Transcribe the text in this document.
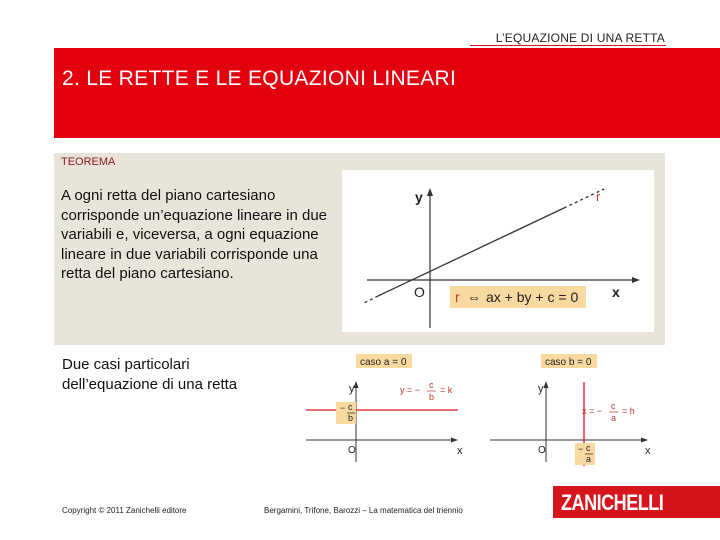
L’EQUAZIONE DI UNA RETTA
2. LE RETTE E LE EQUAZIONI LINEARI
TEOREMA
A ogni retta del piano cartesiano corrisponde un’equazione lineare in due variabili e, viceversa, a ogni equazione lineare in due variabili corrisponde una retta del piano cartesiano.
y
x
O
r
r ⇔ ax + by + c = 0
Due casi particolari dell’equazione di una retta
caso a = 0
− c
b
y = − c
b
= k
y
x
O
caso b = 0
− c
a
x = − c
a
= h
y
x
O
Copyright © 2011 Zanichelli editore	Bergamini, Trifone, Barozzi – La matematica del triennio	ZANICHELLI
